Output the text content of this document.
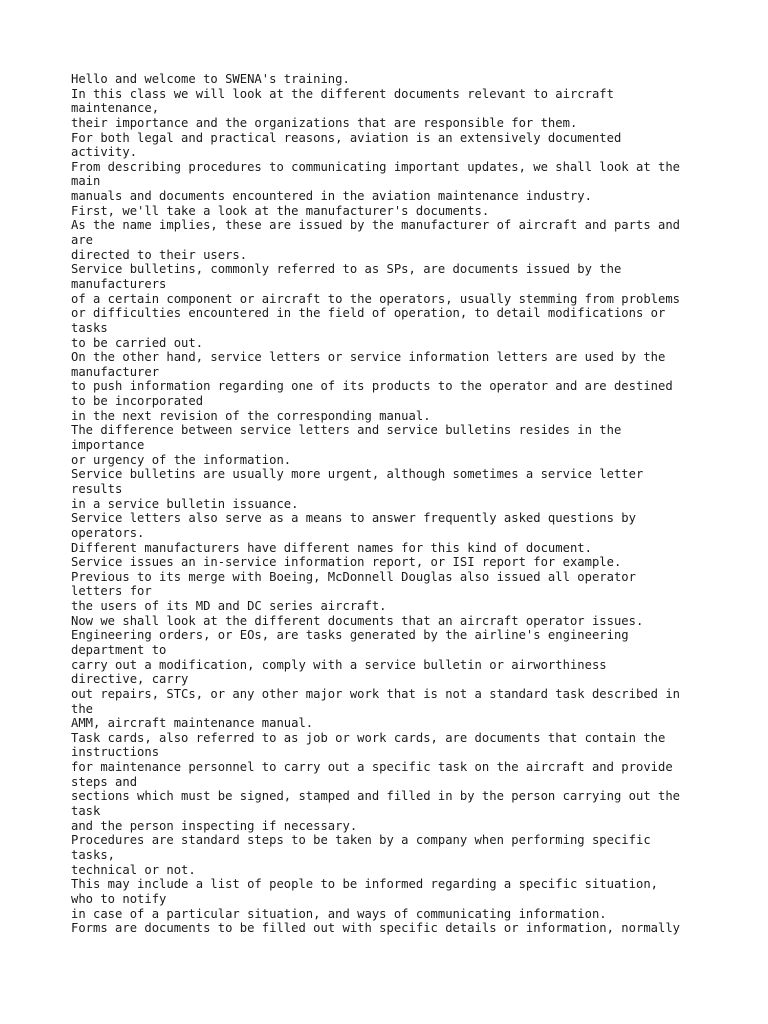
Hello and welcome to SWENA's training.
In this class we will look at the different documents relevant to aircraft
maintenance,
their importance and the organizations that are responsible for them.
For both legal and practical reasons, aviation is an extensively documented
activity.
From describing procedures to communicating important updates, we shall look at the
main
manuals and documents encountered in the aviation maintenance industry.
First, we'll take a look at the manufacturer's documents.
As the name implies, these are issued by the manufacturer of aircraft and parts and
are
directed to their users.
Service bulletins, commonly referred to as SPs, are documents issued by the
manufacturers
of a certain component or aircraft to the operators, usually stemming from problems
or difficulties encountered in the field of operation, to detail modifications or
tasks
to be carried out.
On the other hand, service letters or service information letters are used by the
manufacturer
to push information regarding one of its products to the operator and are destined
to be incorporated
in the next revision of the corresponding manual.
The difference between service letters and service bulletins resides in the
importance
or urgency of the information.
Service bulletins are usually more urgent, although sometimes a service letter
results
in a service bulletin issuance.
Service letters also serve as a means to answer frequently asked questions by
operators.
Different manufacturers have different names for this kind of document.
Service issues an in-service information report, or ISI report for example.
Previous to its merge with Boeing, McDonnell Douglas also issued all operator
letters for
the users of its MD and DC series aircraft.
Now we shall look at the different documents that an aircraft operator issues.
Engineering orders, or EOs, are tasks generated by the airline's engineering
department to
carry out a modification, comply with a service bulletin or airworthiness
directive, carry
out repairs, STCs, or any other major work that is not a standard task described in
the
AMM, aircraft maintenance manual.
Task cards, also referred to as job or work cards, are documents that contain the
instructions
for maintenance personnel to carry out a specific task on the aircraft and provide
steps and
sections which must be signed, stamped and filled in by the person carrying out the
task
and the person inspecting if necessary.
Procedures are standard steps to be taken by a company when performing specific
tasks,
technical or not.
This may include a list of people to be informed regarding a specific situation,
who to notify
in case of a particular situation, and ways of communicating information.
Forms are documents to be filled out with specific details or information, normally
